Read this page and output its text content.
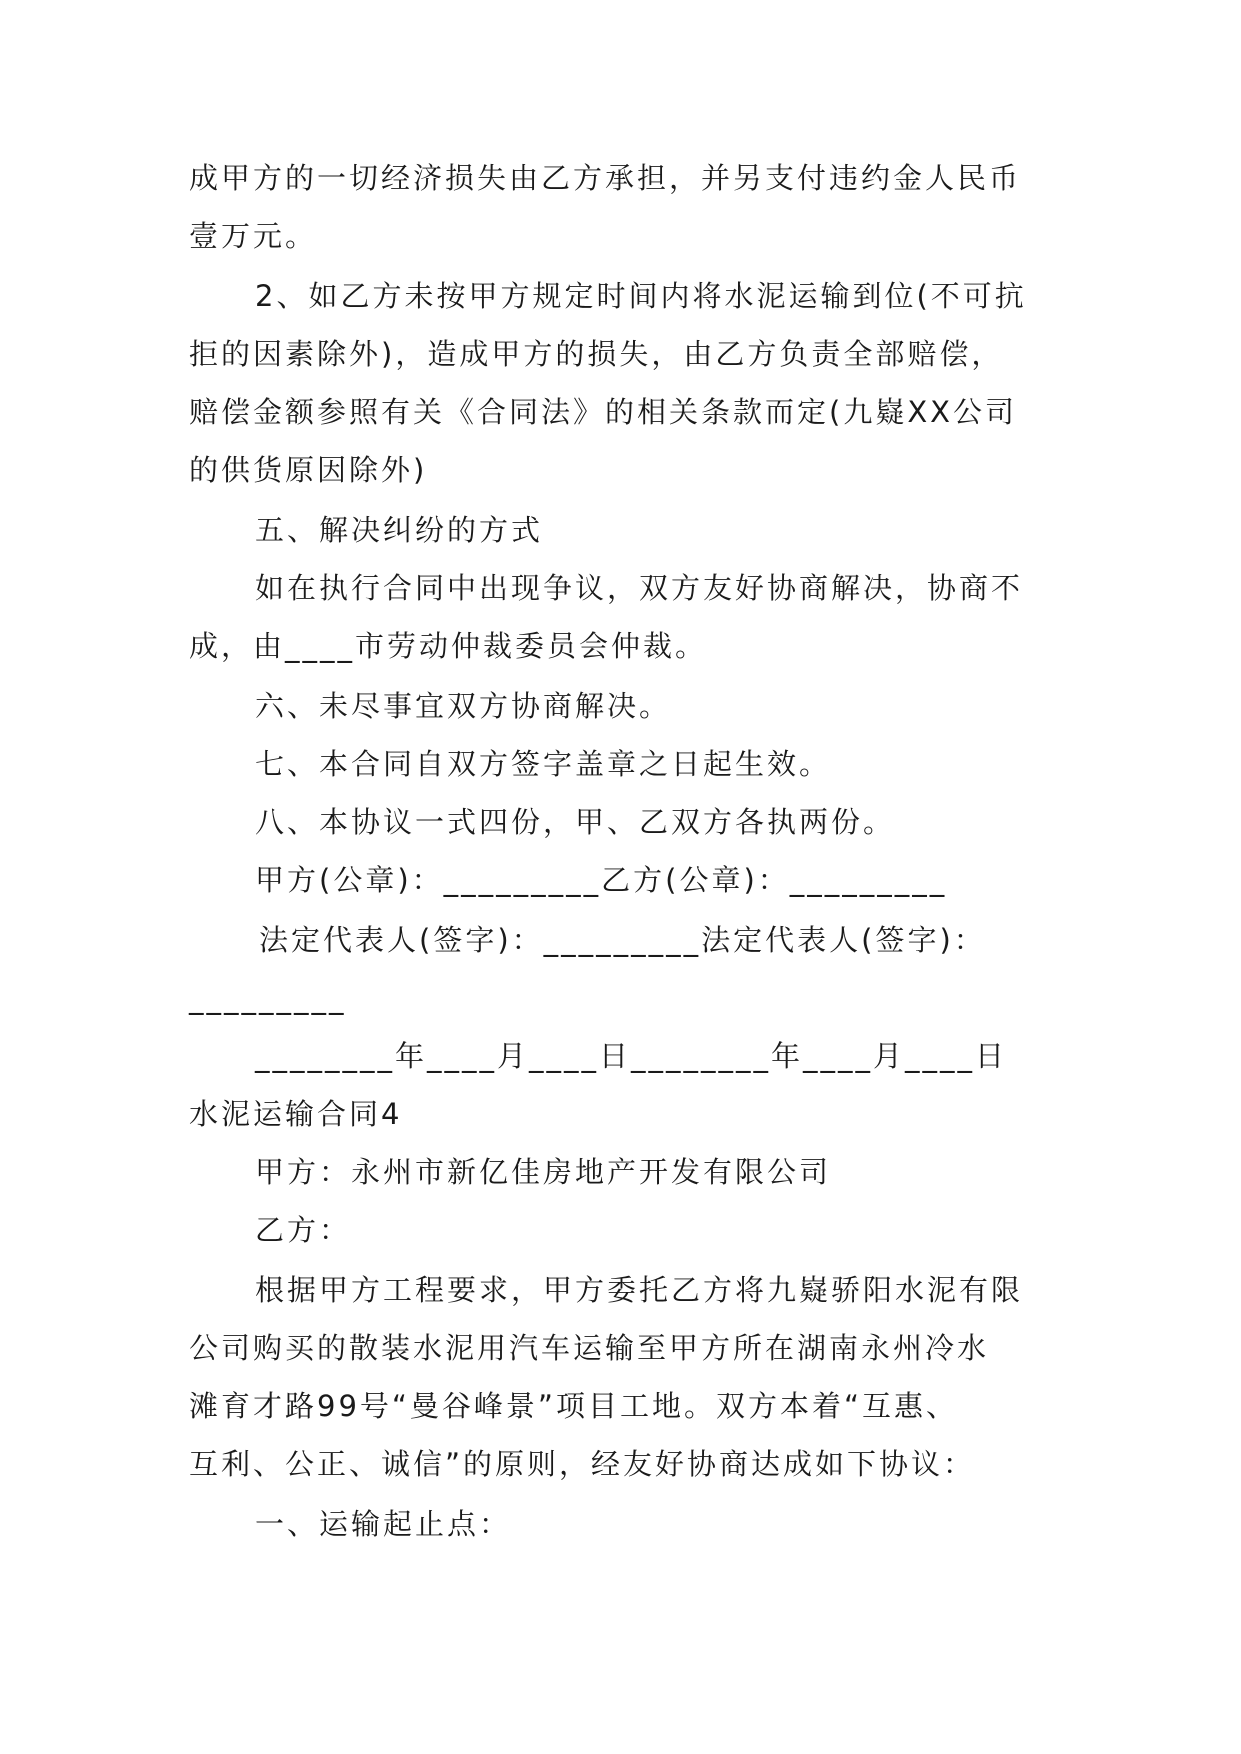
成甲方的一切经济损失由乙方承担，并另支付违约金人民币
壹万元。
2、如乙方未按甲方规定时间内将水泥运输到位(不可抗
拒的因素除外)，造成甲方的损失，由乙方负责全部赔偿，
赔偿金额参照有关《合同法》的相关条款而定(九嶷XX公司
的供货原因除外)
五、解决纠纷的方式
如在执行合同中出现争议，双方友好协商解决，协商不
成，由____市劳动仲裁委员会仲裁。
六、未尽事宜双方协商解决。
七、本合同自双方签字盖章之日起生效。
八、本协议一式四份，甲、乙双方各执两份。
甲方(公章)：_________乙方(公章)：_________
法定代表人(签字)：_________法定代表人(签字)：
_________
________年____月____日________年____月____日
水泥运输合同4
甲方：永州市新亿佳房地产开发有限公司
乙方：
根据甲方工程要求，甲方委托乙方将九嶷骄阳水泥有限
公司购买的散装水泥用汽车运输至甲方所在湖南永州冷水
滩育才路99号“曼谷峰景”项目工地。双方本着“互惠、
互利、公正、诚信”的原则，经友好协商达成如下协议：
一、运输起止点：
